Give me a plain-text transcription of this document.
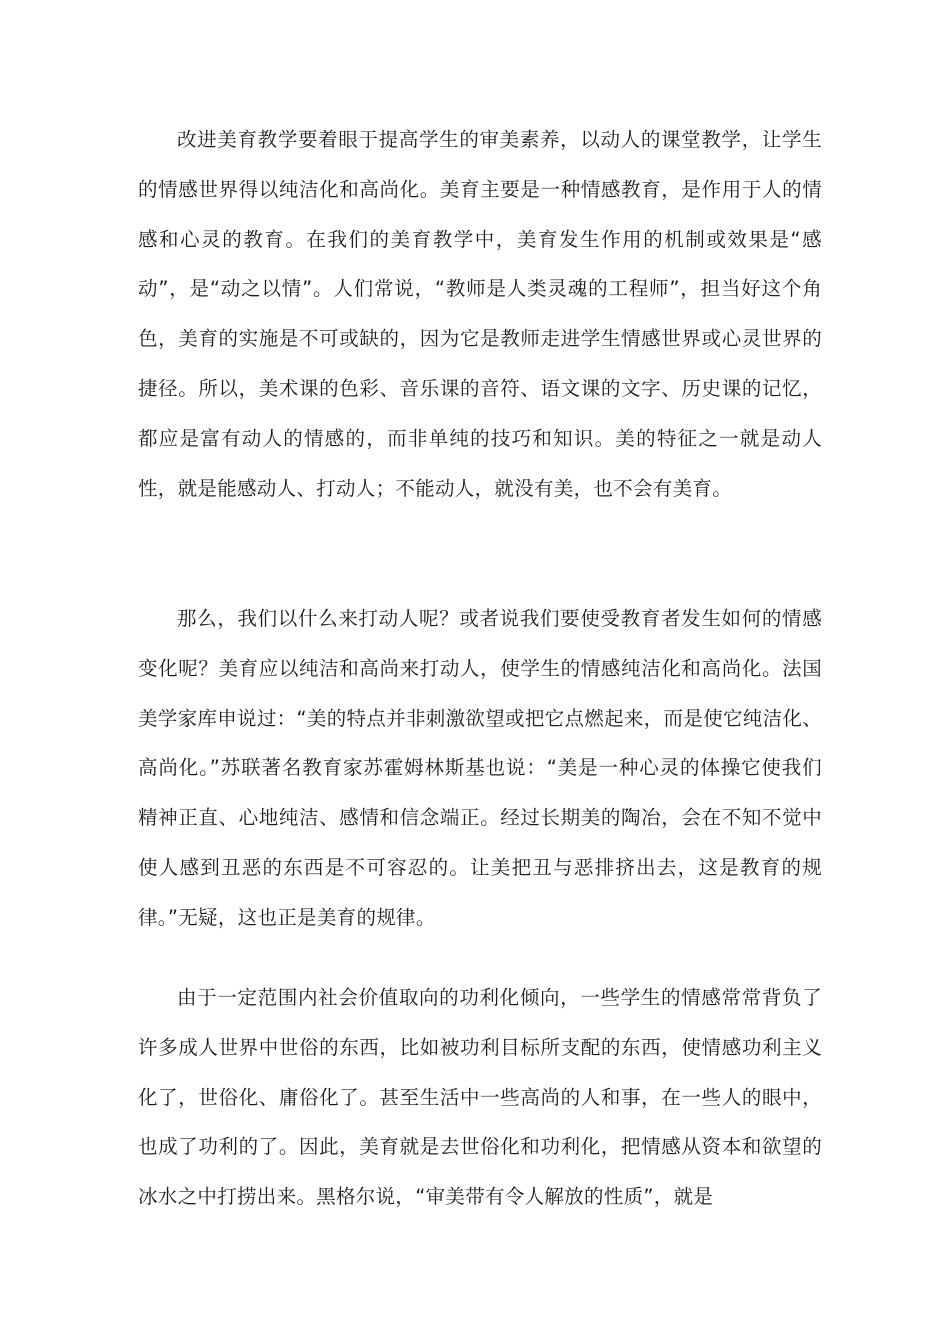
改进美育教学要着眼于提高学生的审美素养，以动人的课堂教学，让学生的情感世界得以纯洁化和高尚化。美育主要是一种情感教育，是作用于人的情感和心灵的教育。在我们的美育教学中，美育发生作用的机制或效果是“感动”，是“动之以情”。人们常说，“教师是人类灵魂的工程师”，担当好这个角色，美育的实施是不可或缺的，因为它是教师走进学生情感世界或心灵世界的捷径。所以，美术课的色彩、音乐课的音符、语文课的文字、历史课的记忆，都应是富有动人的情感的，而非单纯的技巧和知识。美的特征之一就是动人性，就是能感动人、打动人；不能动人，就没有美，也不会有美育。

那么，我们以什么来打动人呢？或者说我们要使受教育者发生如何的情感变化呢？美育应以纯洁和高尚来打动人，使学生的情感纯洁化和高尚化。法国美学家库申说过：“美的特点并非刺激欲望或把它点燃起来，而是使它纯洁化、高尚化。”苏联著名教育家苏霍姆林斯基也说：“美是一种心灵的体操它使我们精神正直、心地纯洁、感情和信念端正。经过长期美的陶冶，会在不知不觉中使人感到丑恶的东西是不可容忍的。让美把丑与恶排挤出去，这是教育的规律。”无疑，这也正是美育的规律。

由于一定范围内社会价值取向的功利化倾向，一些学生的情感常常背负了许多成人世界中世俗的东西，比如被功利目标所支配的东西，使情感功利主义化了，世俗化、庸俗化了。甚至生活中一些高尚的人和事，在一些人的眼中，也成了功利的了。因此，美育就是去世俗化和功利化，把情感从资本和欲望的冰水之中打捞出来。黑格尔说，“审美带有令人解放的性质”，就是
